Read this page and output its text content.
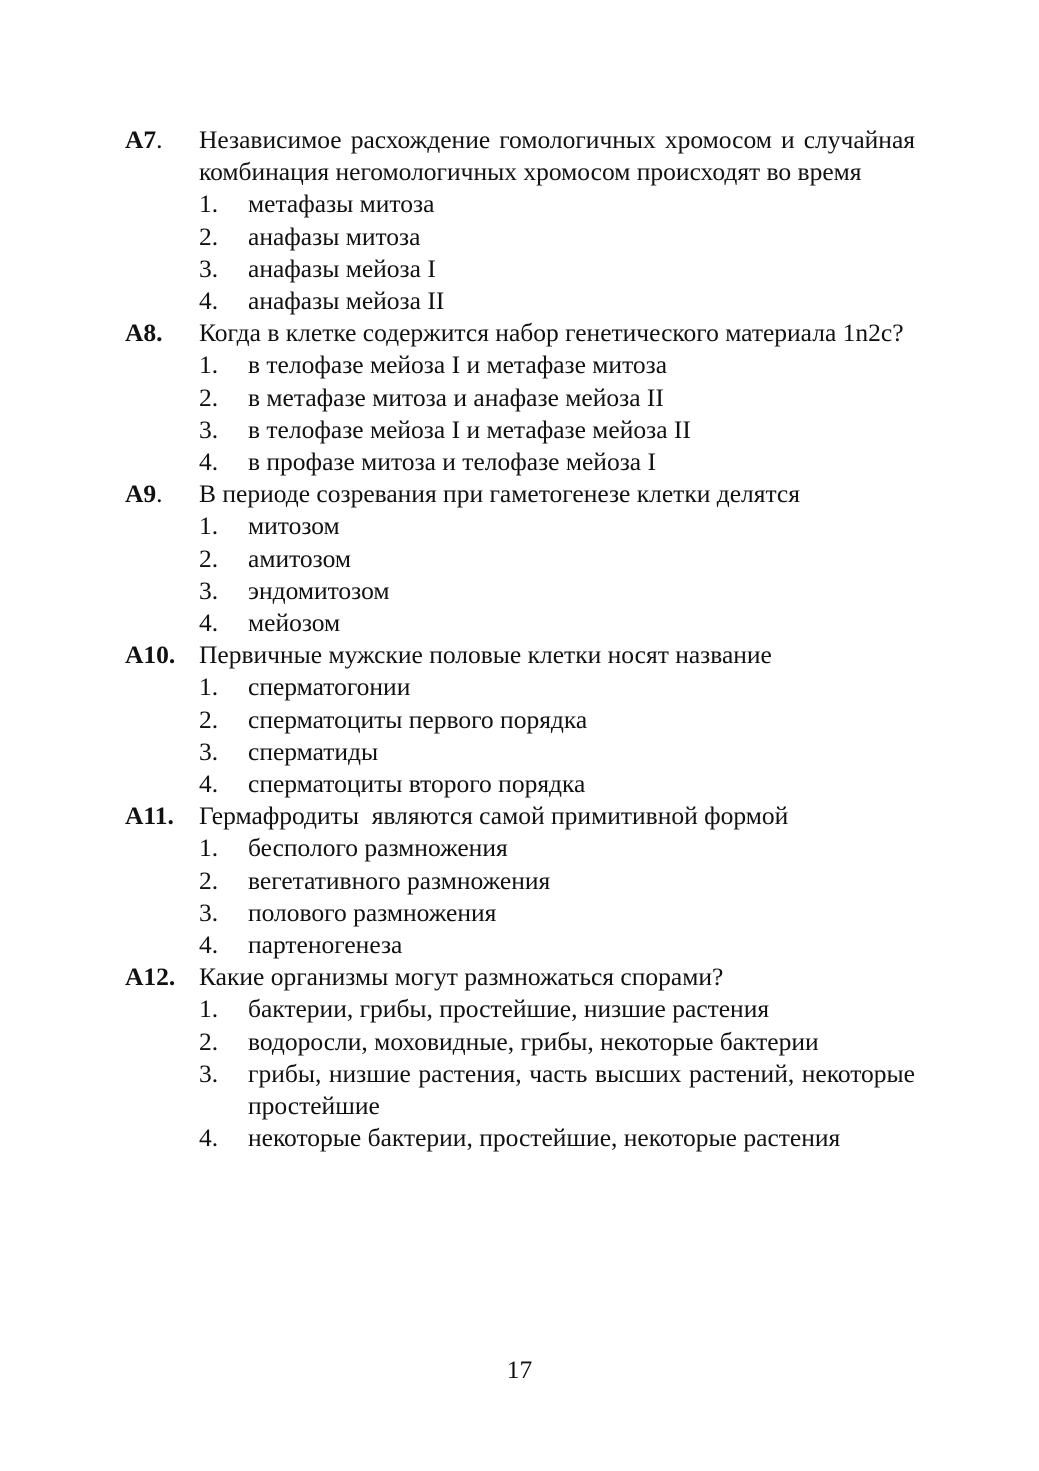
А7. Независимое расхождение гомологичных хромосом и случайная комбинация негомологичных хромосом происходят во время
1. метафазы митоза
2. анафазы митоза
3. анафазы мейоза I
4. анафазы мейоза II
А8. Когда в клетке содержится набор генетического материала 1n2c?
1. в телофазе мейоза I и метафазе митоза
2. в метафазе митоза и анафазе мейоза II
3. в телофазе мейоза I и метафазе мейоза II
4. в профазе митоза и телофазе мейоза I
А9. В периоде созревания при гаметогенезе клетки делятся
1. митозом
2. амитозом
3. эндомитозом
4. мейозом
А10. Первичные мужские половые клетки носят название
1. сперматогонии
2. сперматоциты первого порядка
3. сперматиды
4. сперматоциты второго порядка
А11. Гермафродиты  являются самой примитивной формой
1. бесполого размножения
2. вегетативного размножения
3. полового размножения
4. партеногенеза
А12. Какие организмы могут размножаться спорами?
1. бактерии, грибы, простейшие, низшие растения
2. водоросли, моховидные, грибы, некоторые бактерии
3. грибы, низшие растения, часть высших растений, некоторые простейшие
4. некоторые бактерии, простейшие, некоторые растения
17
